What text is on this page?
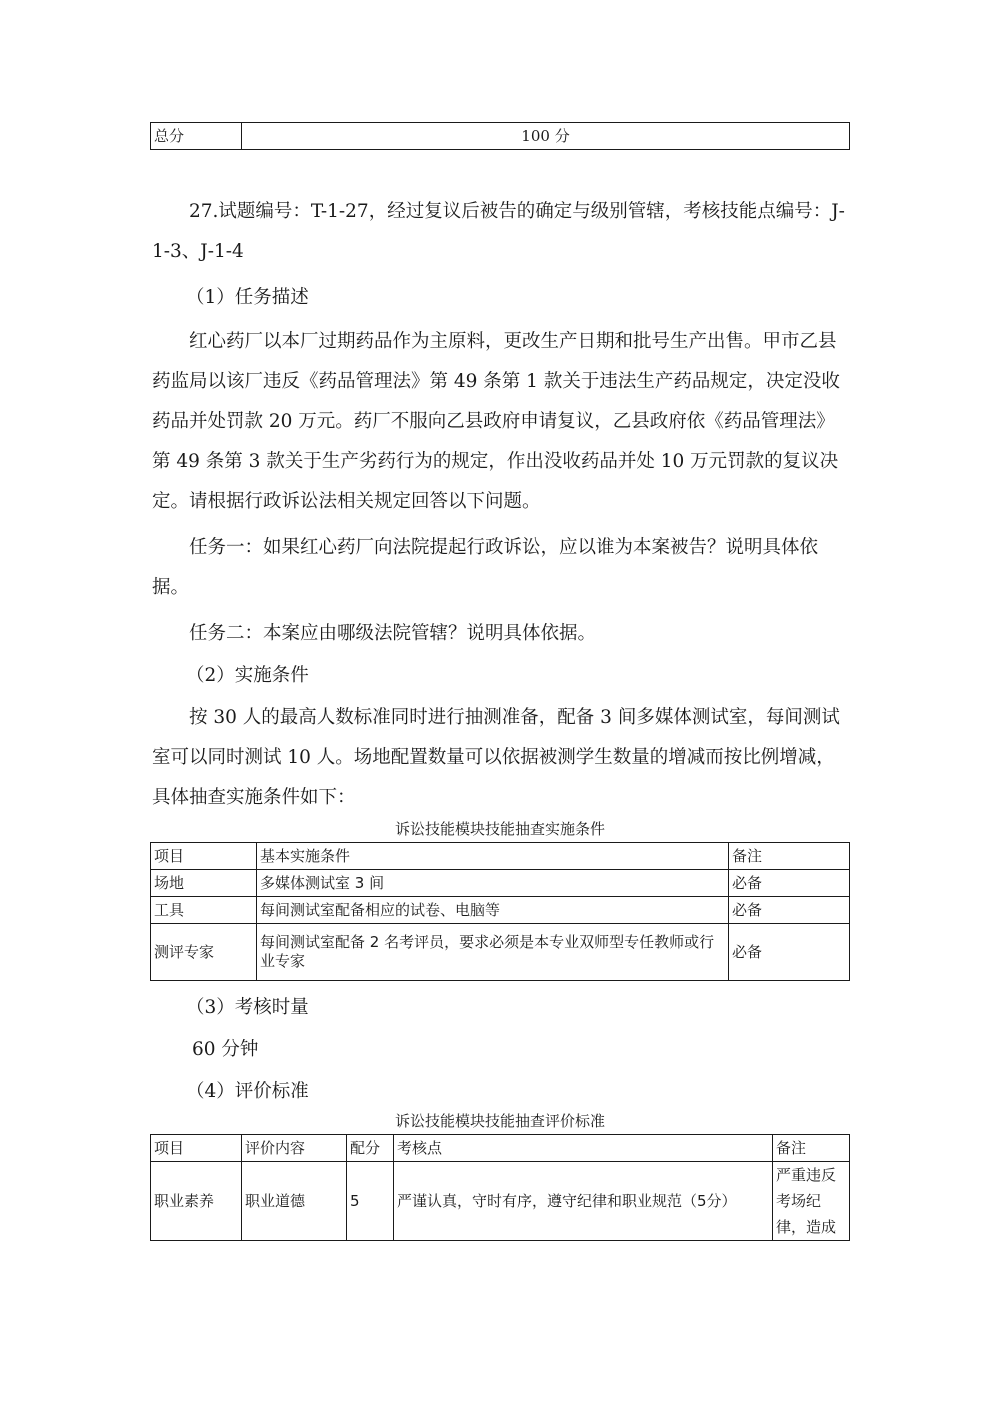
总分	100 分

27.试题编号：T-1-27，经过复议后被告的确定与级别管辖，考核技能点编号：J-1-3、J-1-4

（1）任务描述

红心药厂以本厂过期药品作为主原料，更改生产日期和批号生产出售。甲市乙县药监局以该厂违反《药品管理法》第 49 条第 1 款关于违法生产药品规定，决定没收药品并处罚款 20 万元。药厂不服向乙县政府申请复议，乙县政府依《药品管理法》第 49 条第 3 款关于生产劣药行为的规定，作出没收药品并处 10 万元罚款的复议决定。请根据行政诉讼法相关规定回答以下问题。

任务一：如果红心药厂向法院提起行政诉讼，应以谁为本案被告？说明具体依据。

任务二：本案应由哪级法院管辖？说明具体依据。

（2）实施条件

按 30 人的最高人数标准同时进行抽测准备，配备 3 间多媒体测试室，每间测试室可以同时测试 10 人。场地配置数量可以依据被测学生数量的增减而按比例增减，具体抽查实施条件如下：

诉讼技能模块技能抽查实施条件

项目	基本实施条件	备注
场地	多媒体测试室 3 间	必备
工具	每间测试室配备相应的试卷、电脑等	必备
测评专家	每间测试室配备 2 名考评员，要求必须是本专业双师型专任教师或行业专家	必备

（3）考核时量

60 分钟

（4）评价标准

诉讼技能模块技能抽查评价标准

项目	评价内容	配分	考核点	备注
职业素养	职业道德	5	严谨认真，守时有序，遵守纪律和职业规范（5分）	严重违反考场纪律，造成
